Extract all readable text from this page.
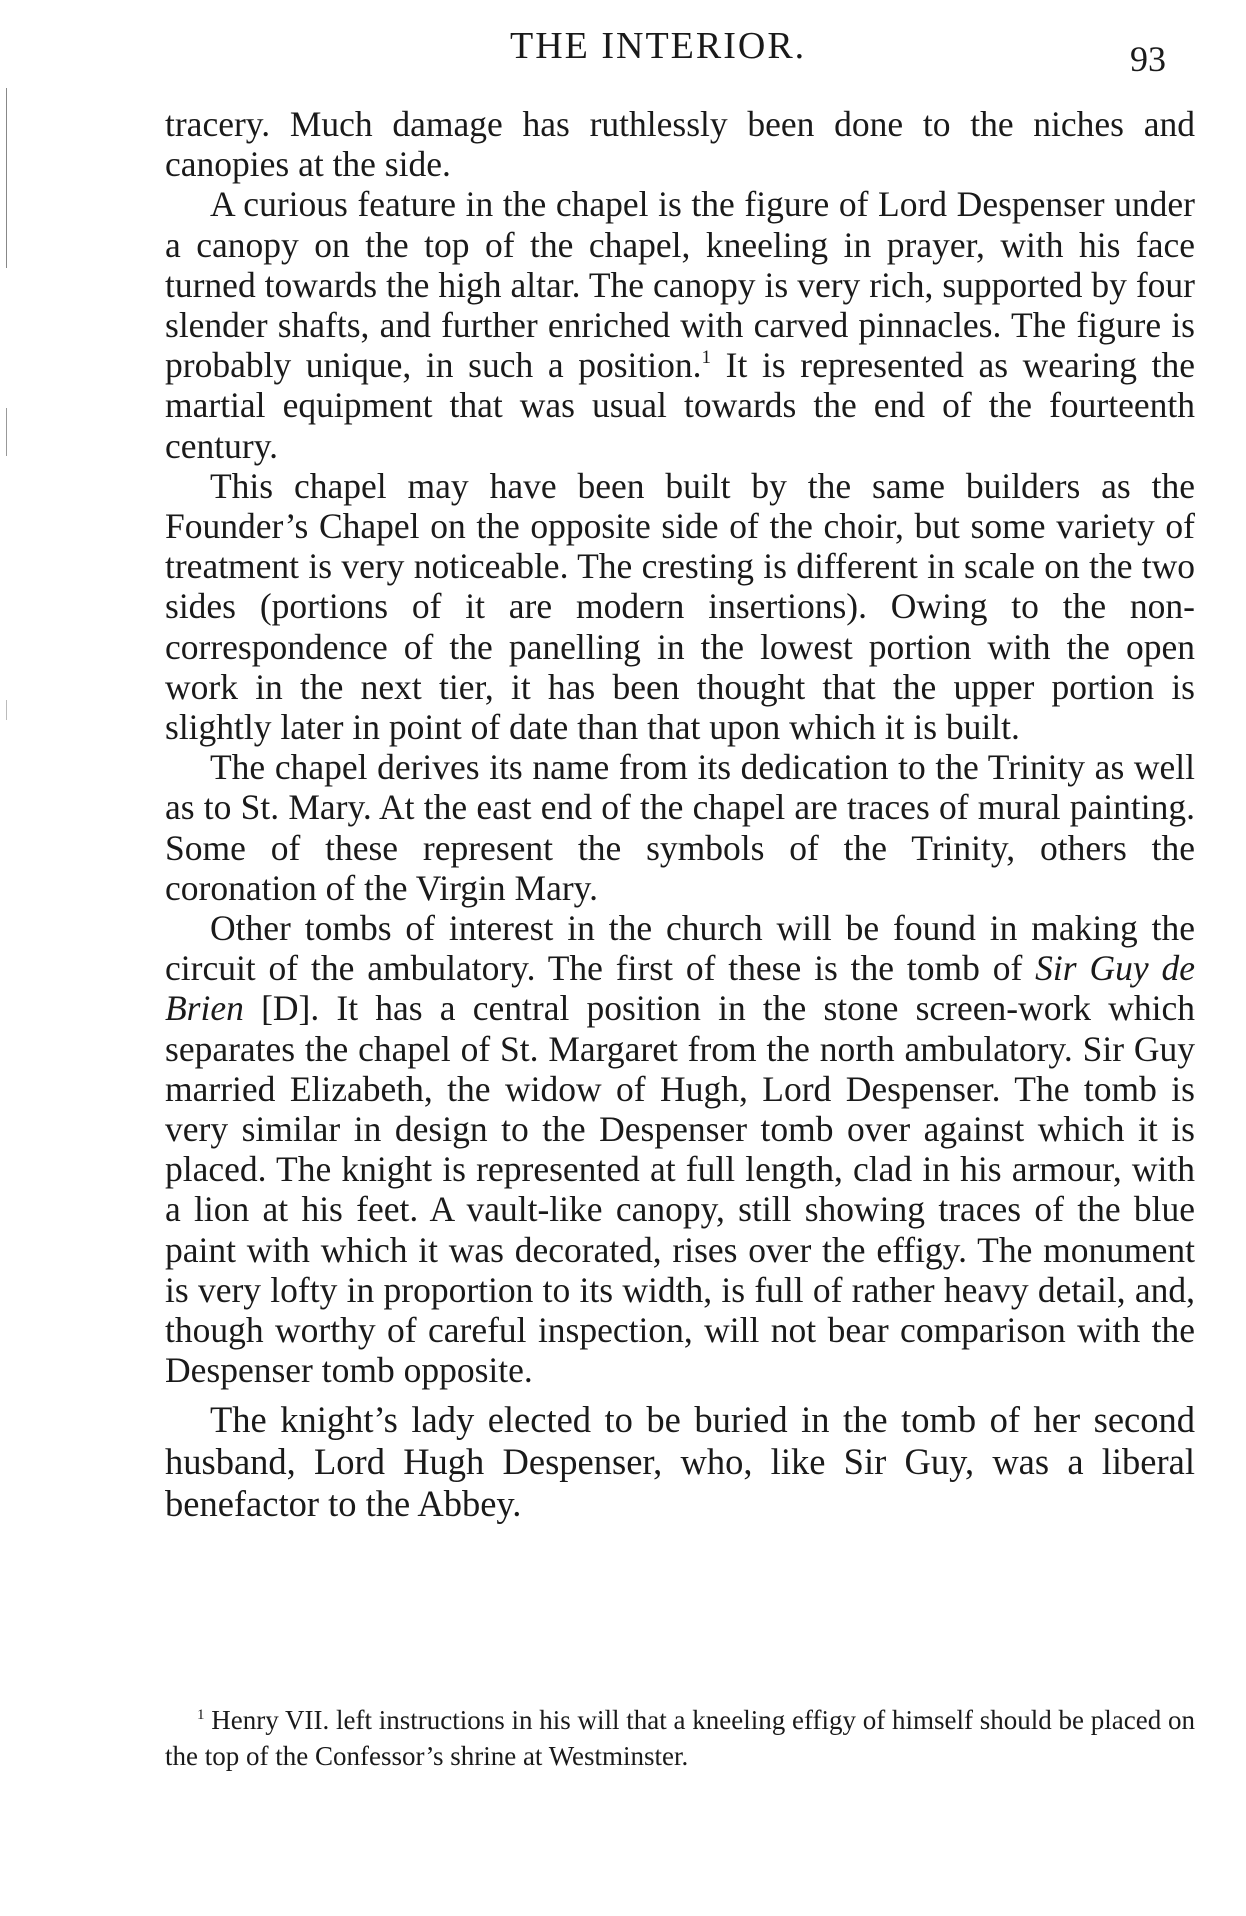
THE INTERIOR.	93

tracery. Much damage has ruthlessly been done to the niches and canopies at the side.

A curious feature in the chapel is the figure of Lord Despenser under a canopy on the top of the chapel, kneeling in prayer, with his face turned towards the high altar. The canopy is very rich, supported by four slender shafts, and further enriched with carved pinnacles. The figure is probably unique, in such a position.$^1$ It is represented as wearing the martial equipment that was usual towards the end of the fourteenth century.

This chapel may have been built by the same builders as the Founder’s Chapel on the opposite side of the choir, but some variety of treatment is very noticeable. The cresting is different in scale on the two sides (portions of it are modern insertions). Owing to the non-correspondence of the panelling in the lowest portion with the open work in the next tier, it has been thought that the upper portion is slightly later in point of date than that upon which it is built.

The chapel derives its name from its dedication to the Trinity as well as to St. Mary. At the east end of the chapel are traces of mural painting. Some of these represent the symbols of the Trinity, others the coronation of the Virgin Mary.

Other tombs of interest in the church will be found in making the circuit of the ambulatory. The first of these is the tomb of Sir Guy de Brien [D]. It has a central position in the stone screen-work which separates the chapel of St. Margaret from the north ambulatory. Sir Guy married Elizabeth, the widow of Hugh, Lord Despenser. The tomb is very similar in design to the Despenser tomb over against which it is placed. The knight is represented at full length, clad in his armour, with a lion at his feet. A vault-like canopy, still showing traces of the blue paint with which it was decorated, rises over the effigy. The monument is very lofty in proportion to its width, is full of rather heavy detail, and, though worthy of careful inspection, will not bear comparison with the Despenser tomb opposite.

The knight’s lady elected to be buried in the tomb of her second husband, Lord Hugh Despenser, who, like Sir Guy, was a liberal benefactor to the Abbey.

$^1$ Henry VII. left instructions in his will that a kneeling effigy of himself should be placed on the top of the Confessor’s shrine at Westminster.
